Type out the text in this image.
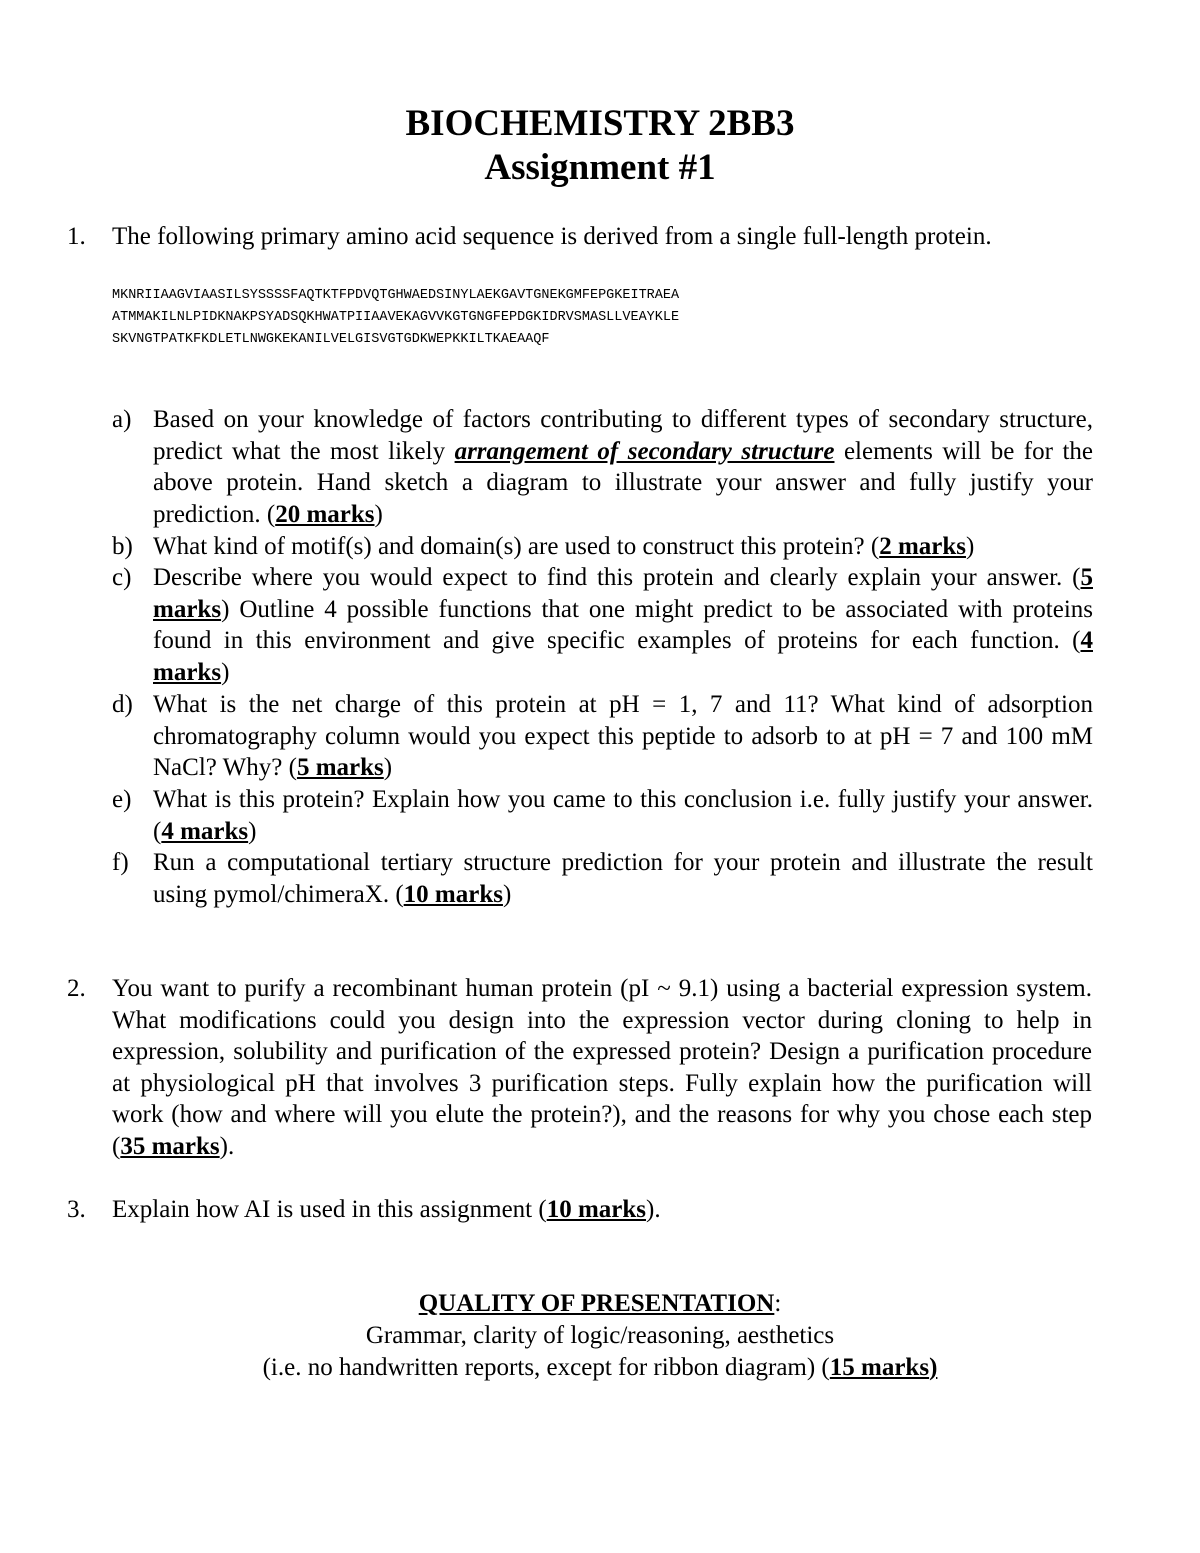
BIOCHEMISTRY 2BB3
Assignment #1
1. The following primary amino acid sequence is derived from a single full-length protein.
MKNRIIAAGVIAASILSYSSSSFAQTKTFPDVQTGHWAEDSINYLAEKGAVTGNEKGMFEPGKEITRAEA
ATMMAKILNLPIDKNAKPSYADSQKHWATPIIAAVEKAGVVKGTGNGFEPDGKIDRVSMASLLVEAYKLE
SKVNGTPATKFKDLETLNWGKEKANILVELGISVGTGDKWEPKKILTKAEAAQF
a) Based on your knowledge of factors contributing to different types of secondary structure, predict what the most likely arrangement of secondary structure elements will be for the above protein. Hand sketch a diagram to illustrate your answer and fully justify your prediction. (20 marks)
b) What kind of motif(s) and domain(s) are used to construct this protein? (2 marks)
c) Describe where you would expect to find this protein and clearly explain your answer. (5 marks) Outline 4 possible functions that one might predict to be associated with proteins found in this environment and give specific examples of proteins for each function. (4 marks)
d) What is the net charge of this protein at pH = 1, 7 and 11? What kind of adsorption chromatography column would you expect this peptide to adsorb to at pH = 7 and 100 mM NaCl? Why? (5 marks)
e) What is this protein? Explain how you came to this conclusion i.e. fully justify your answer. (4 marks)
f) Run a computational tertiary structure prediction for your protein and illustrate the result using pymol/chimeraX. (10 marks)
2. You want to purify a recombinant human protein (pI ~ 9.1) using a bacterial expression system. What modifications could you design into the expression vector during cloning to help in expression, solubility and purification of the expressed protein? Design a purification procedure at physiological pH that involves 3 purification steps. Fully explain how the purification will work (how and where will you elute the protein?), and the reasons for why you chose each step (35 marks).
3. Explain how AI is used in this assignment (10 marks).
QUALITY OF PRESENTATION:
Grammar, clarity of logic/reasoning, aesthetics
(i.e. no handwritten reports, except for ribbon diagram) (15 marks)
